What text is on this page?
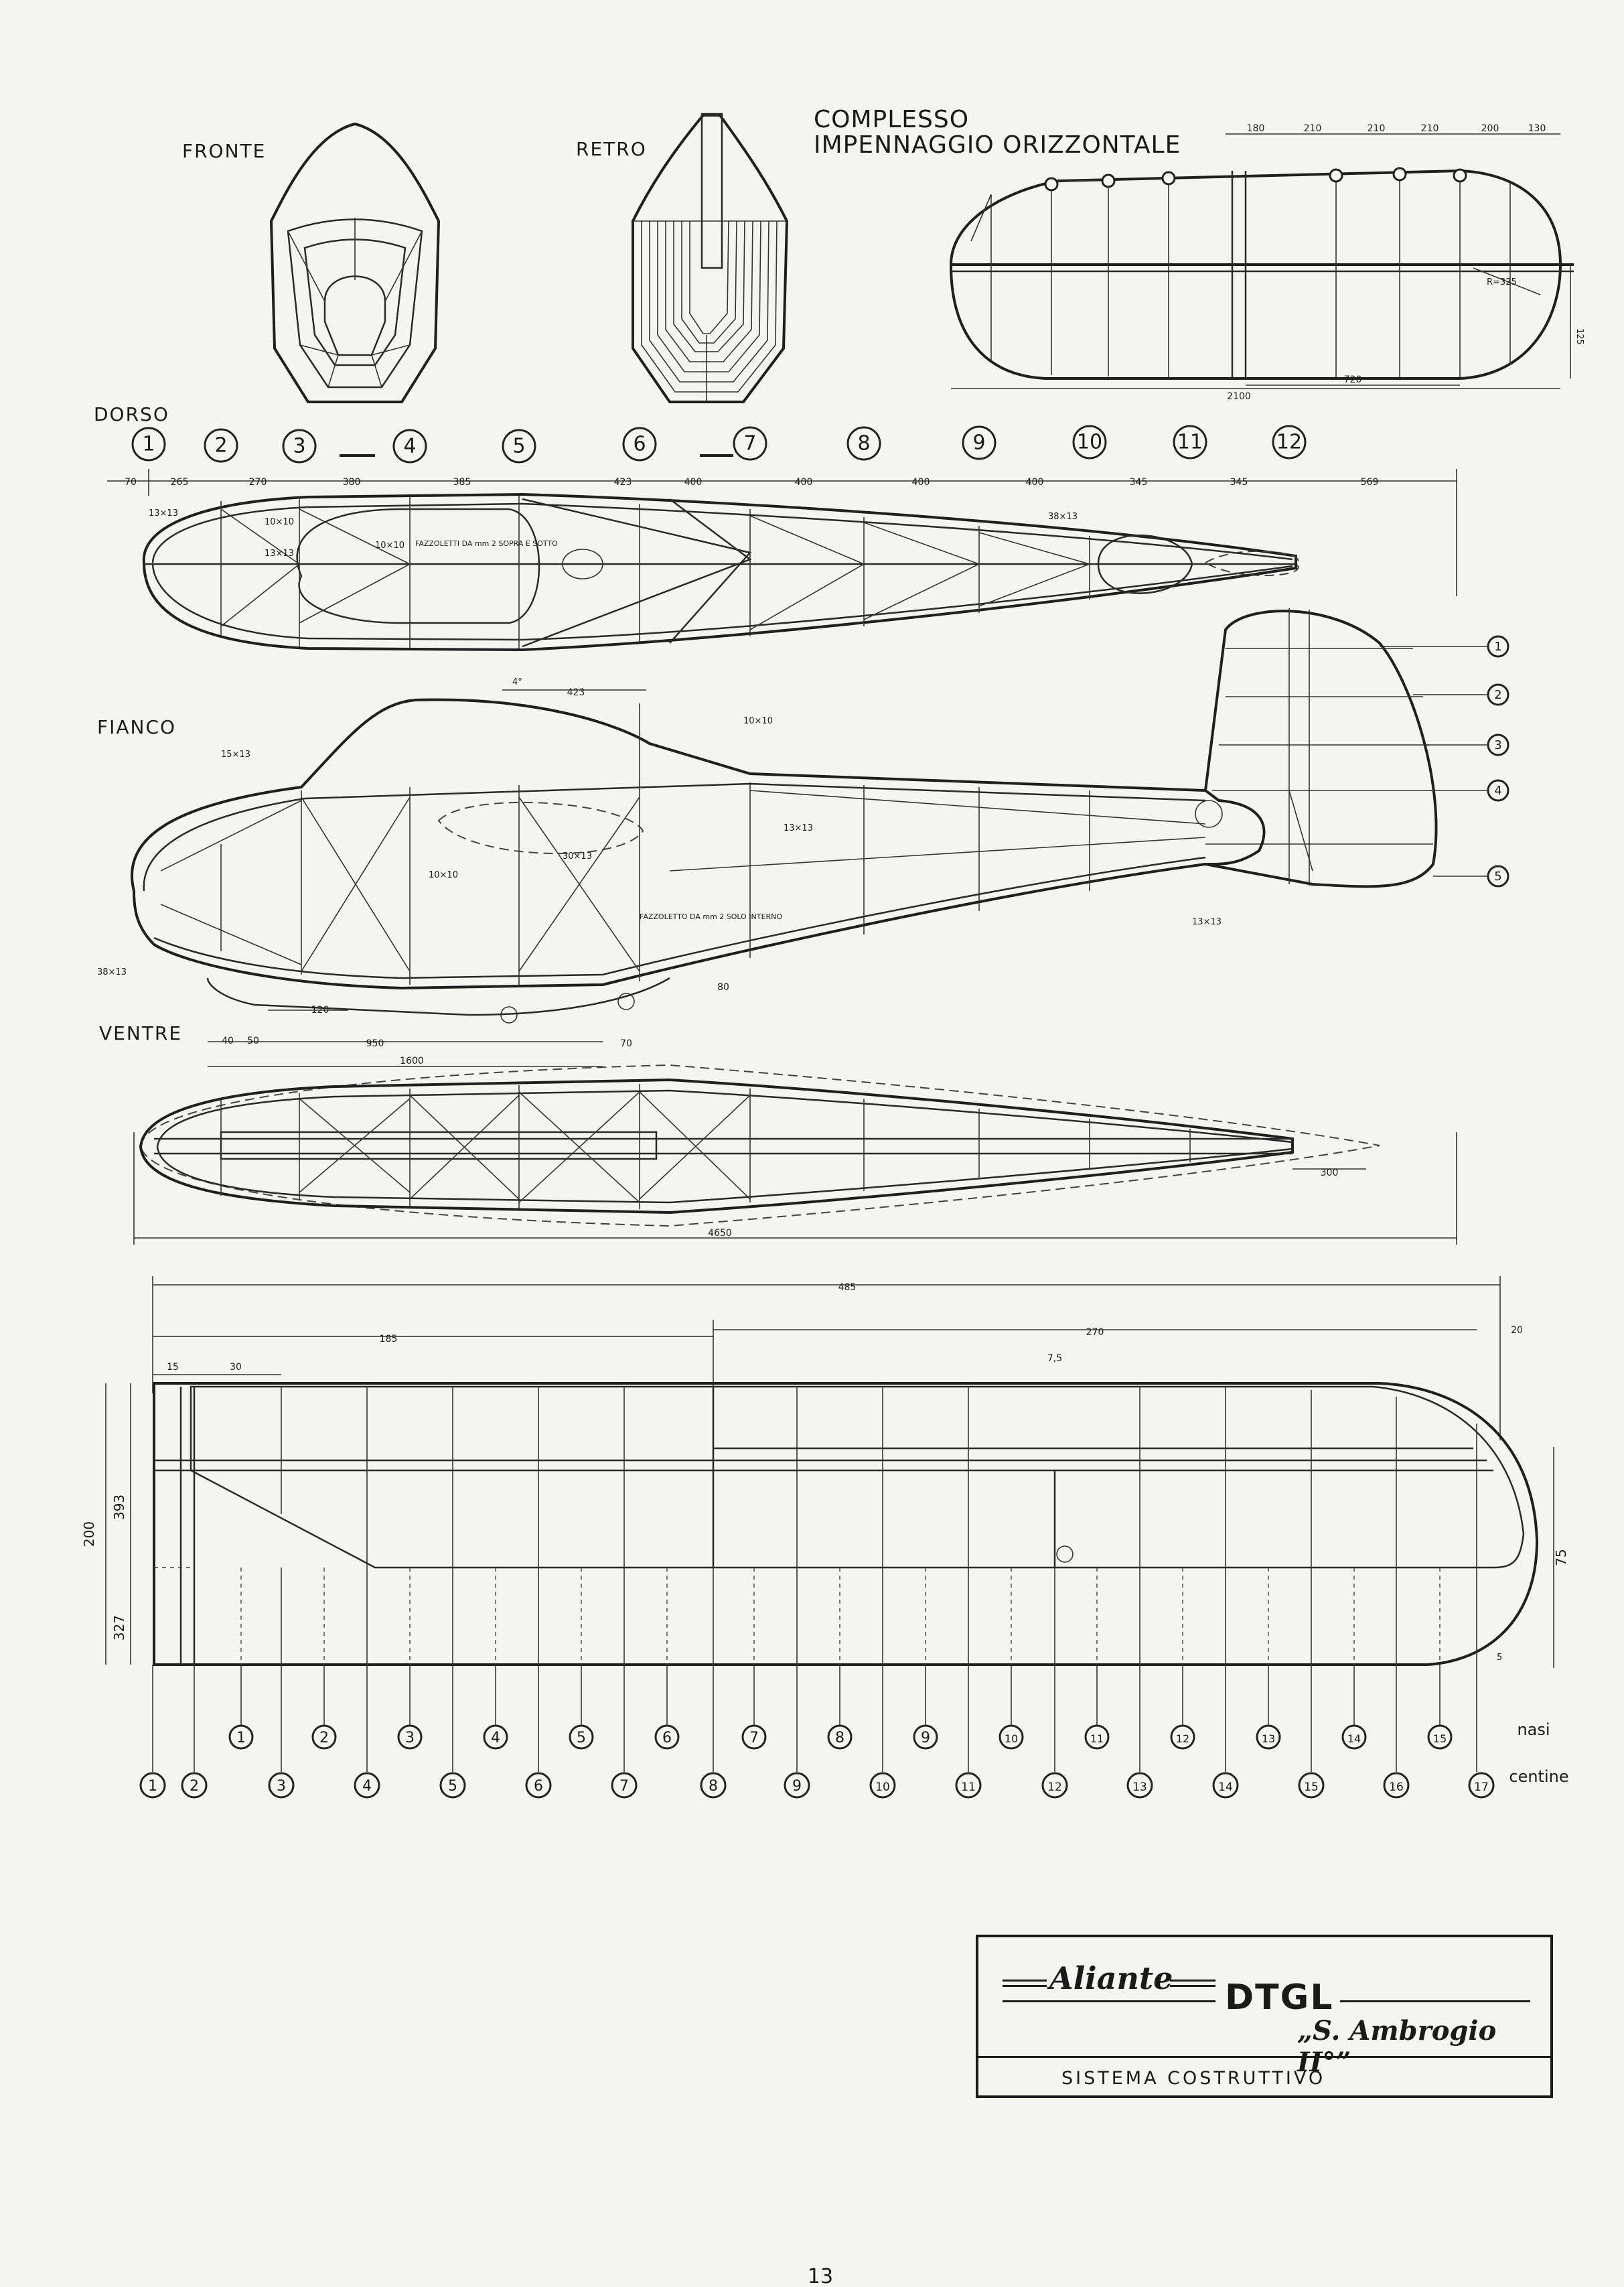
FRONTE	RETRO
COMPLESSO
IMPENNAGGIO ORIZZONTALE
180	210	210	210	200	130
720
2100
125
R=325
DORSO
1	2	3	4	5	6	7	8	9	10	11	12
70	265	270	380	385	423	400	400	400	400	345	345	569
13×13
10×10
13×13
10×10
38×13
FAZZOLETTI DA mm 2 SOPRA E SOTTO
FIANCO
4°
423
1
2
3
4
5
15×13
30×13
10×10
10×10
13×13
38×13
13×13
FAZZOLETTO DA mm 2 SOLO INTERNO
120
80
40 50	950	70
1600
VENTRE
300
4650
485
185
270	20
15	30
7,5
200
393
327
75
5
1	2	3	4	5	6	7	8	9	10	11	12	13	14	15	nasi
1 2	3	4	5	6	7	8	9	10	11	12	13	14	15	16	17
centine
13
Aliante DTGL
„S. Ambrogio II°”
SISTEMA COSTRUTTIVO
